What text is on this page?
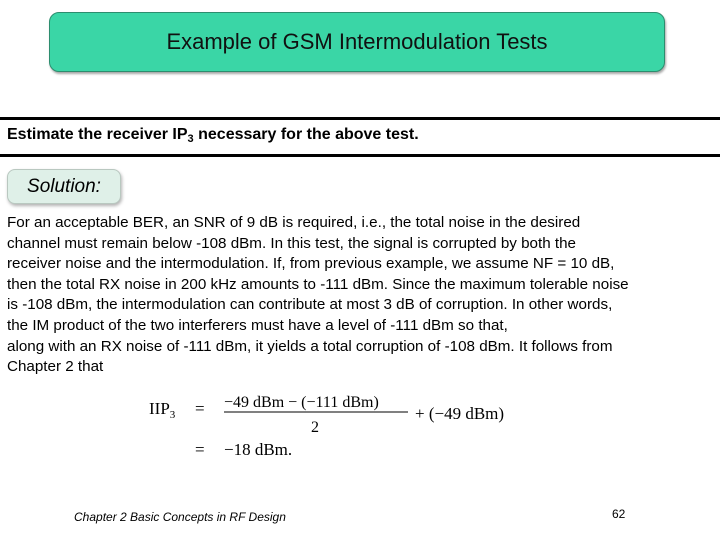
Example of GSM Intermodulation Tests
Estimate the receiver $IP_3$ necessary for the above test.
Solution:
For an acceptable BER, an SNR of 9 dB is required, i.e., the total noise in the desired
channel must remain below -108 dBm. In this test, the signal is corrupted by both the
receiver noise and the intermodulation. If, from previous example, we assume NF = 10 dB,
then the total RX noise in 200 kHz amounts to -111 dBm. Since the maximum tolerable noise
is -108 dBm, the intermodulation can contribute at most 3 dB of corruption. In other words,
the IM product of the two interferers must have a level of -111 dBm so that,
along with an RX noise of -111 dBm, it yields a total corruption of -108 dBm. It follows from
Chapter 2 that
$IIP_3 = -49$ dBm − (−111 dBm)
2
+ (−49 dBm)
= −18 dBm.
Chapter 2 Basic Concepts in RF Design	62
